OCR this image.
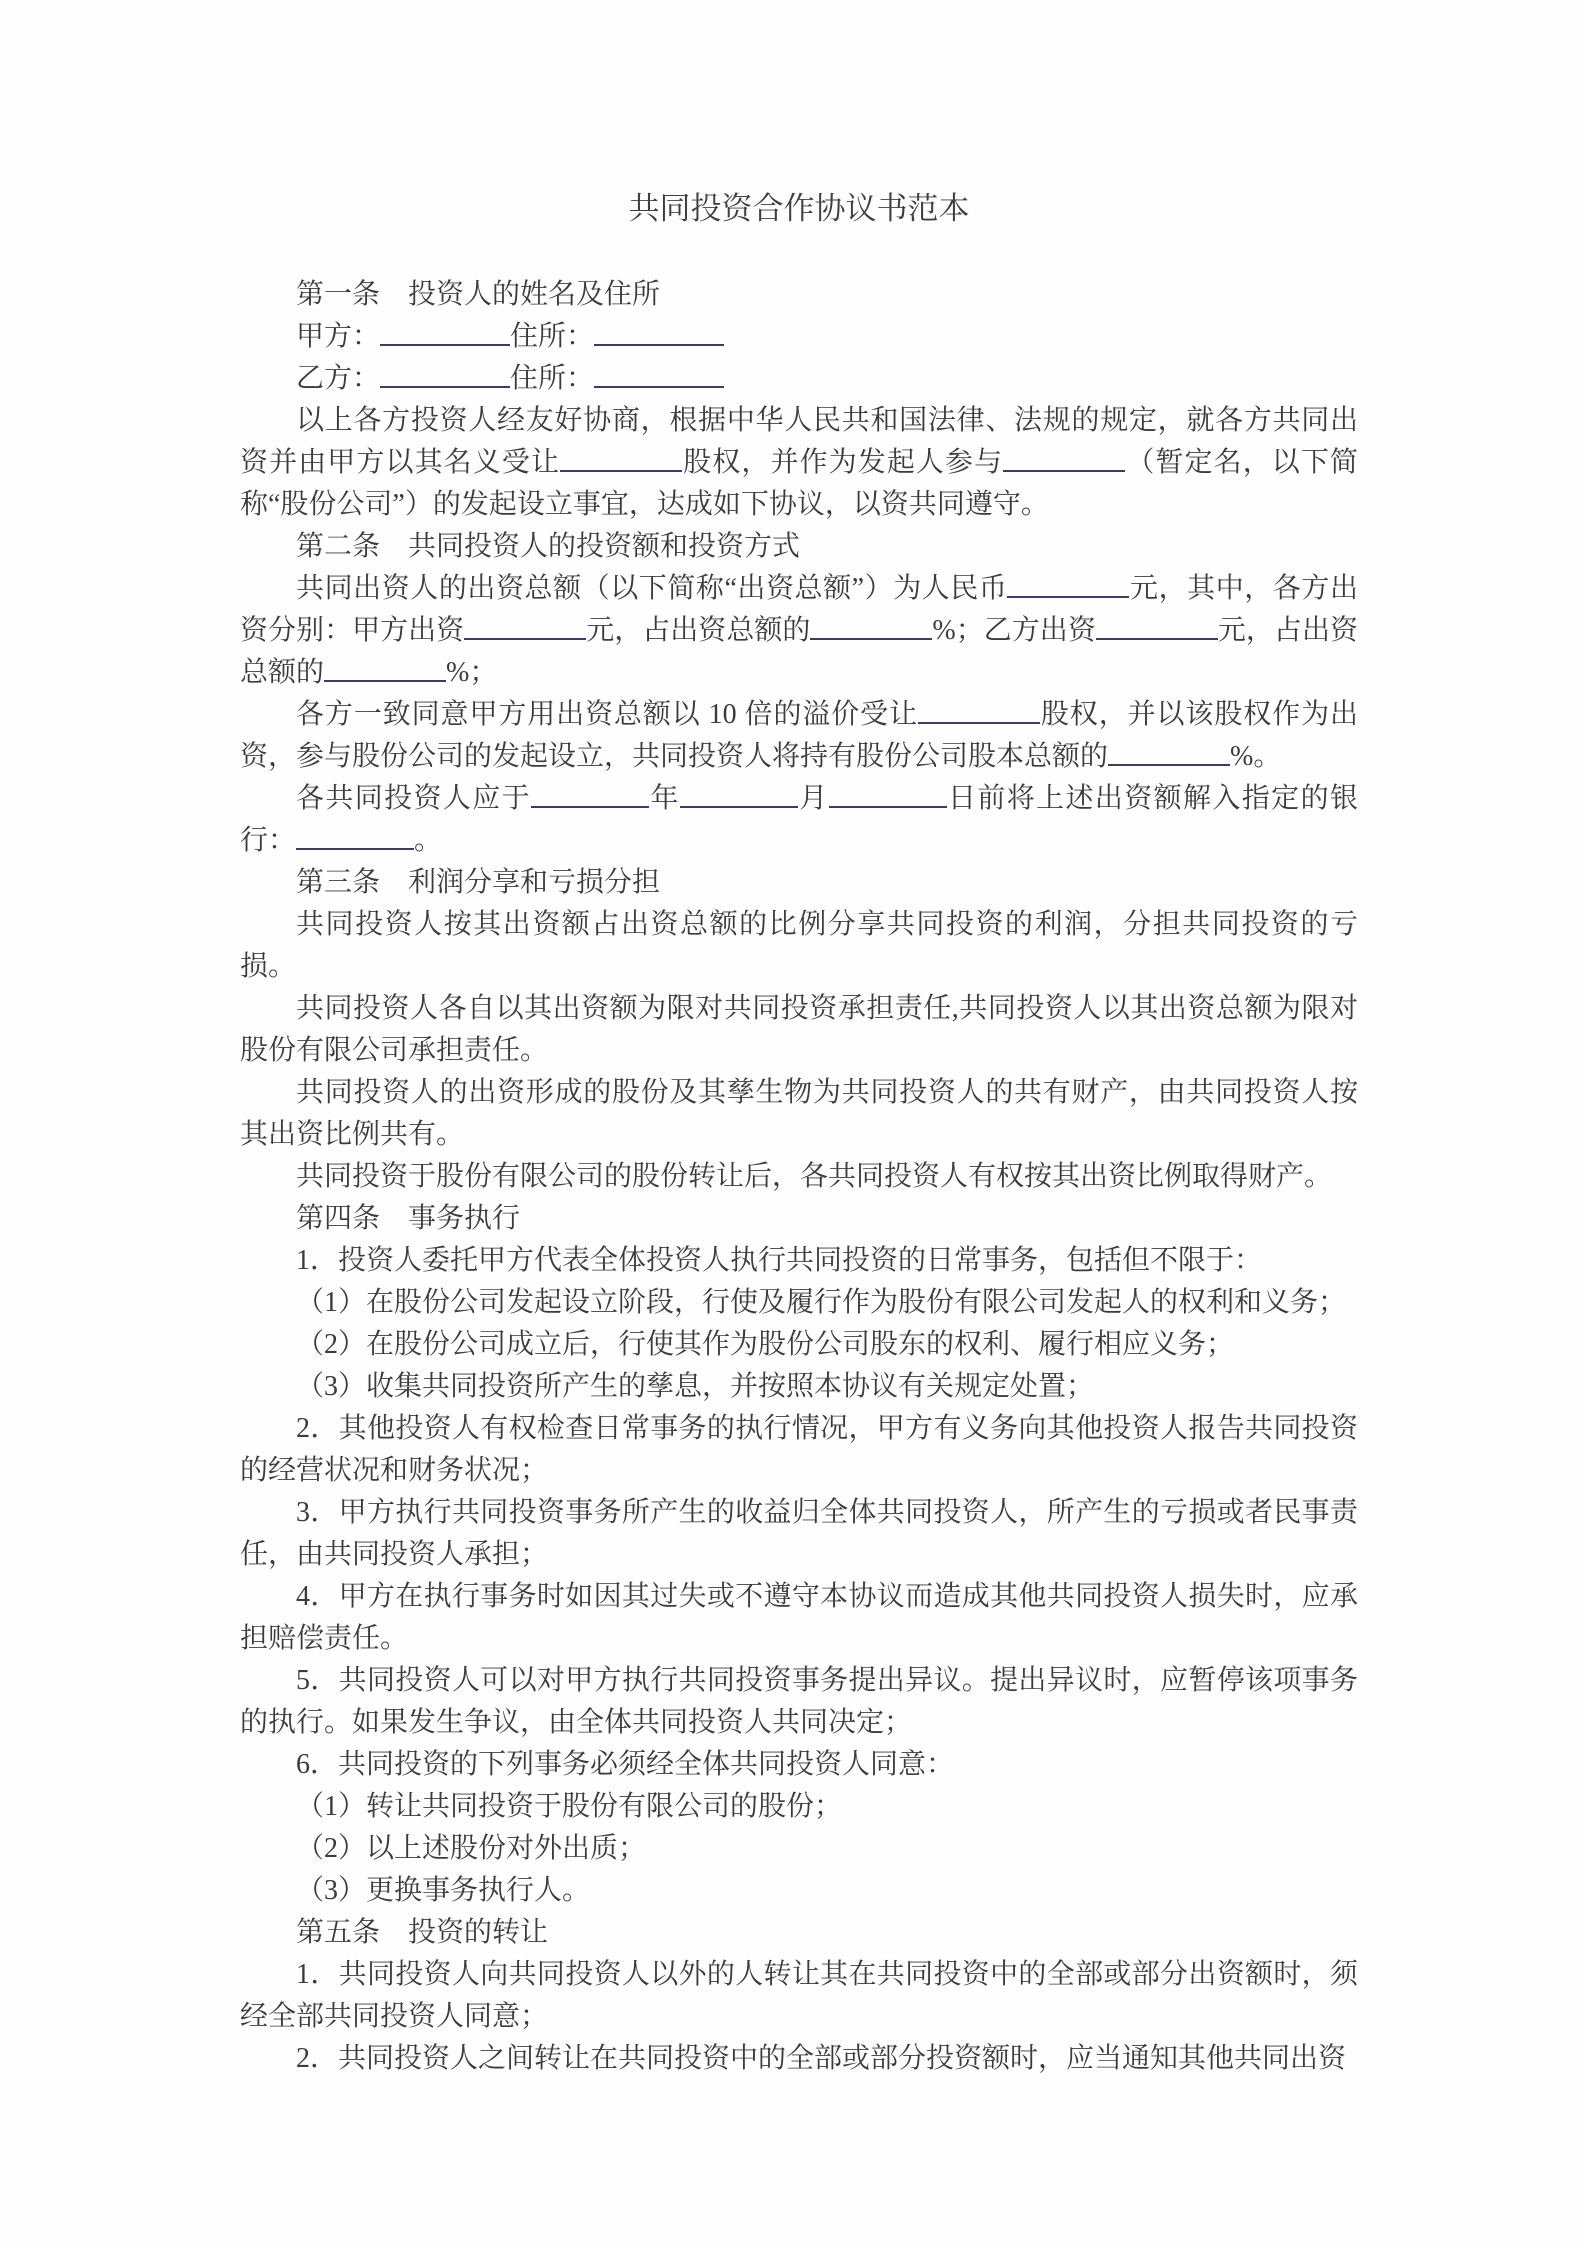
共同投资合作协议书范本

第一条　投资人的姓名及住所

甲方：	住所：

乙方：	住所：

以上各方投资人经友好协商，根据中华人民共和国法律、法规的规定，就各方共同出资并由甲方以其名义受让	股权，并作为发起人参与	（暂定名，以下简称“股份公司”）的发起设立事宜，达成如下协议，以资共同遵守。

第二条　共同投资人的投资额和投资方式

共同出资人的出资总额（以下简称“出资总额”）为人民币	元，其中，各方出资分别：甲方出资	元，占出资总额的	%；乙方出资	元，占出资总额的	%；

各方一致同意甲方用出资总额以 10 倍的溢价受让	股权，并以该股权作为出资，参与股份公司的发起设立，共同投资人将持有股份公司股本总额的	%。

各共同投资人应于	年	月	日前将上述出资额解入指定的银行：	。

第三条　利润分享和亏损分担

共同投资人按其出资额占出资总额的比例分享共同投资的利润，分担共同投资的亏损。

共同投资人各自以其出资额为限对共同投资承担责任,共同投资人以其出资总额为限对股份有限公司承担责任。

共同投资人的出资形成的股份及其孳生物为共同投资人的共有财产，由共同投资人按其出资比例共有。

共同投资于股份有限公司的股份转让后，各共同投资人有权按其出资比例取得财产。

第四条　事务执行

1．投资人委托甲方代表全体投资人执行共同投资的日常事务，包括但不限于：

（1）在股份公司发起设立阶段，行使及履行作为股份有限公司发起人的权利和义务；

（2）在股份公司成立后，行使其作为股份公司股东的权利、履行相应义务；

（3）收集共同投资所产生的孳息，并按照本协议有关规定处置；

2．其他投资人有权检查日常事务的执行情况，甲方有义务向其他投资人报告共同投资的经营状况和财务状况；

3．甲方执行共同投资事务所产生的收益归全体共同投资人，所产生的亏损或者民事责任，由共同投资人承担；

4．甲方在执行事务时如因其过失或不遵守本协议而造成其他共同投资人损失时，应承担赔偿责任。

5．共同投资人可以对甲方执行共同投资事务提出异议。提出异议时，应暂停该项事务的执行。如果发生争议，由全体共同投资人共同决定；

6．共同投资的下列事务必须经全体共同投资人同意：

（1）转让共同投资于股份有限公司的股份；

（2）以上述股份对外出质；

（3）更换事务执行人。

第五条　投资的转让

1．共同投资人向共同投资人以外的人转让其在共同投资中的全部或部分出资额时，须经全部共同投资人同意；

2．共同投资人之间转让在共同投资中的全部或部分投资额时，应当通知其他共同出资
